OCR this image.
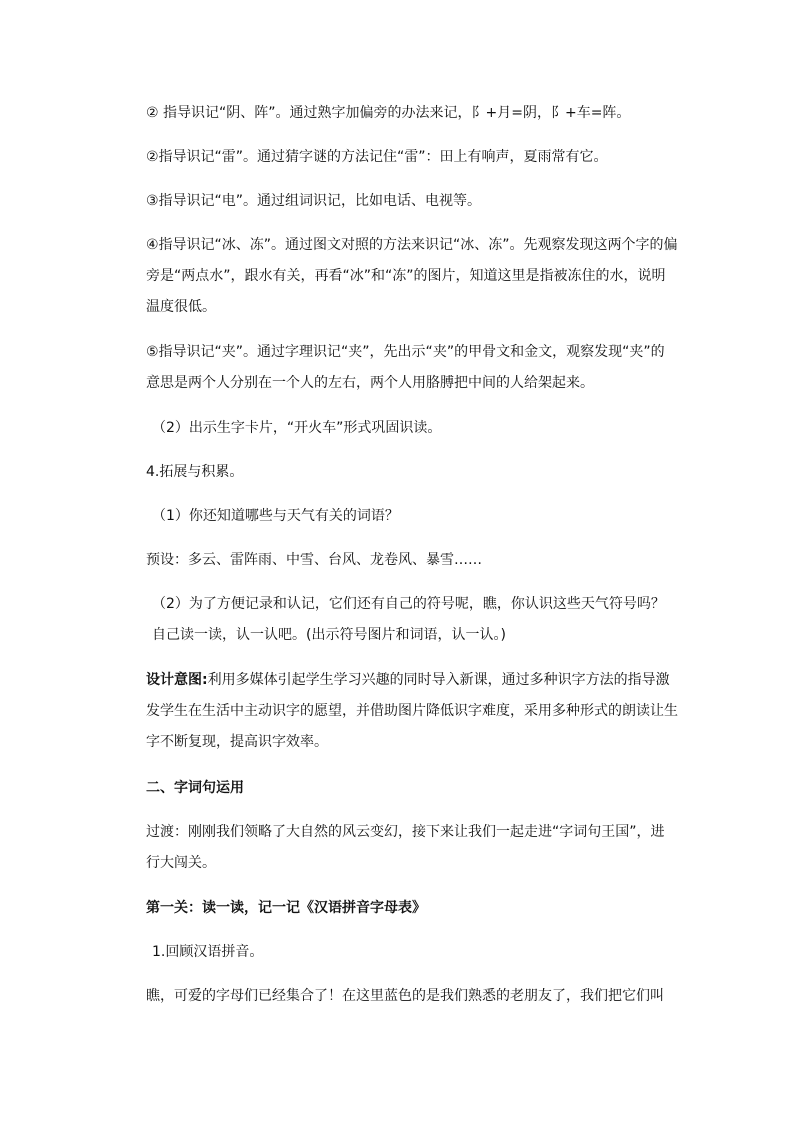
② 指导识记“阴、阵”。通过熟字加偏旁的办法来记，阝+月=阴，阝+车=阵。

②指导识记“雷”。通过猜字谜的方法记住“雷”：田上有响声，夏雨常有它。

③指导识记“电”。通过组词识记，比如电话、电视等。

④指导识记“冰、冻”。通过图文对照的方法来识记“冰、冻”。先观察发现这两个字的偏旁是“两点水”，跟水有关，再看“冰”和“冻”的图片，知道这里是指被冻住的水，说明温度很低。

⑤指导识记“夹”。通过字理识记“夹”，先出示“夹”的甲骨文和金文，观察发现“夹”的意思是两个人分别在一个人的左右，两个人用胳膊把中间的人给架起来。

（2）出示生字卡片，“开火车”形式巩固识读。

4.拓展与积累。

（1）你还知道哪些与天气有关的词语？

预设：多云、雷阵雨、中雪、台风、龙卷风、暴雪……

（2）为了方便记录和认记，它们还有自己的符号呢，瞧，你认识这些天气符号吗？自己读一读，认一认吧。(出示符号图片和词语，认一认。)

设计意图:利用多媒体引起学生学习兴趣的同时导入新课，通过多种识字方法的指导激发学生在生活中主动识字的愿望，并借助图片降低识字难度，采用多种形式的朗读让生字不断复现，提高识字效率。

二、字词句运用

过渡：刚刚我们领略了大自然的风云变幻，接下来让我们一起走进“字词句王国”，进行大闯关。

第一关：读一读，记一记《汉语拼音字母表》

1.回顾汉语拼音。

瞧，可爱的字母们已经集合了！在这里蓝色的是我们熟悉的老朋友了，我们把它们叫
